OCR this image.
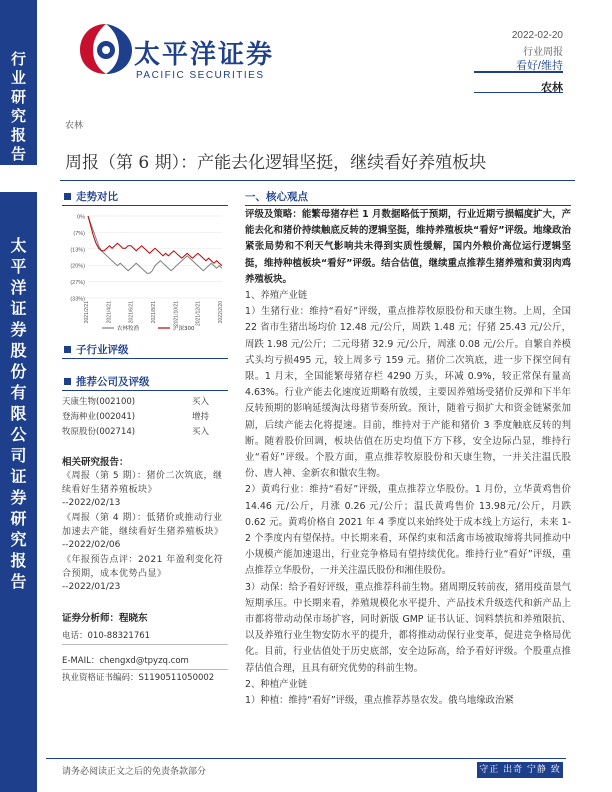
行
业
研
究
报
告
太
平
洋
证
券
股
份
有
限
公
司
证
券
研
究
报
告
太平洋证券
PACIFIC SECURITIES
2022-02-20
行业周报
看好/维持
农林
农林
周报（第 6 期）：产能去化逻辑坚挺，继续看好养殖板块
走势对比
0%
(7%)
(13%)
(20%)
(27%)
(33%)
2021/2/21	2021/4/21	2021/6/21	2021/8/21	2021/10/21	2021/12/21	2022/2/20
农林牧渔	沪深300
子行业评级
推荐公司及评级
天康生物(002100)	买入
登海种业(002041)	增持
牧原股份(002714)	买入
相关研究报告：
《周报（第 5 期）：猪价二次筑底，继续看好生猪养殖板块》
--2022/02/13
《周报（第 4 期）：低猪价或推动行业加速去产能，继续看好生猪养殖板块》
--2022/02/06
《年报预告点评：2021 年盈利变化符合预期，成本优势凸显》
--2022/01/23
证券分析师：程晓东
电话：010-88321761
E-MAIL：chengxd@tpyzq.com
执业资格证书编码：S1190511050002
一、核心观点

评级及策略：能繁母猪存栏 1 月数据略低于预期，行业近期亏损幅度扩大，产能去化和猪价持续触底反转的逻辑坚挺，维持养殖板块“看好”评级。地缘政治紧张局势和不利天气影响共未得到实质性缓解，国内外粮价高位运行逻辑坚挺，维持种植板块“看好”评级。结合估值，继续重点推荐生猪养殖和黄羽肉鸡养殖板块。

1、养殖产业链

1）生猪行业：维持“看好”评级，重点推荐牧原股份和天康生物。上周，全国 22 省市生猪出场均价 12.48 元/公斤，周跌 1.48 元；仔猪 25.43 元/公斤，周跌 1.98 元/公斤；二元母猪 32.9 元/公斤，周涨 0.08 元/公斤。自繁自养模式头均亏损495 元，较上周多亏 159 元。猪价二次筑底，进一步下探空间有限。1 月末，全国能繁母猪存栏 4290 万头，环减 0.9%，较正常保有量高 4.63%。行业产能去化速度近期略有放缓，主要因养殖场受猪价反弹和下半年反转预期的影响延缓淘汰母猪节奏所致。预计，随着亏损扩大和资金链紧张加剧，后续产能去化将提速。目前，维持对于产能和猪价 3 季度触底反转的判断。随着股价回调，板块估值在历史均值下方下移，安全边际凸显，维持行业“看好”评级。个股方面，重点推荐牧原股份和天康生物，一并关注温氏股份、唐人神、金新农和傲农生物。

2）黄鸡行业：维持“看好”评级，重点推荐立华股份。1 月份，立华黄鸡售价 14.46 元/公斤，月涨 0.26 元/公斤；温氏黄鸡售价 13.98元/公斤，月跌 0.62 元。黄鸡价格自 2021 年 4 季度以来始终处于成本线上方运行，未来 1-2 个季度内有望保持。中长期来看，环保约束和活禽市场被取缔将共同推动中小规模产能加速退出，行业竞争格局有望持续优化。维持行业“看好”评级，重点推荐立华股份，一并关注温氏股份和湘佳股份。

3）动保：给予看好评级，重点推荐科前生物。猪周期反转前夜，猪用疫苗景气短期承压。中长期来看，养殖规模化水平提升、产品技术升级迭代和新产品上市都将带动动保市场扩容，同时新版 GMP 证书认证、饲料禁抗和养殖限抗、以及养殖行业生物安防水平的提升，都将推动动保行业变革，促进竞争格局优化。目前，行业估值处于历史底部，安全边际高，给予看好评级。个股重点推荐估值合理，且具有研究优势的科前生物。

2、种植产业链

1）种植：维持“看好”评级，重点推荐苏垦农发。俄乌地缘政治紧

请务必阅读正文之后的免责条款部分	守正 出奇 宁静 致远
